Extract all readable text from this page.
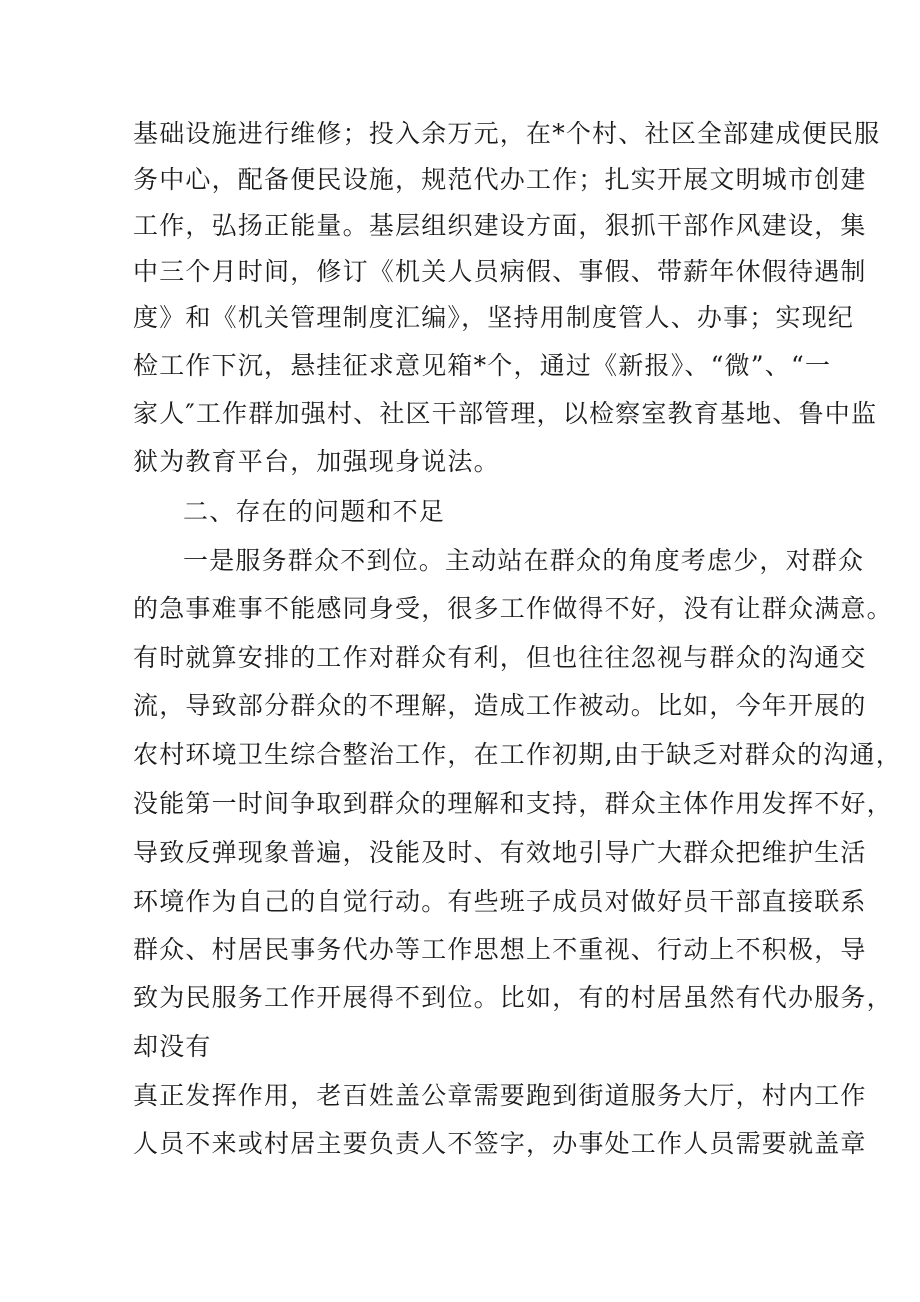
基础设施进行维修；投入余万元，在*个村、社区全部建成便民服
务中心，配备便民设施，规范代办工作；扎实开展文明城市创建
工作，弘扬正能量。基层组织建设方面，狠抓干部作风建设，集
中三个月时间，修订《机关人员病假、事假、带薪年休假待遇制
度》和《机关管理制度汇编》，坚持用制度管人、办事；实现纪
检工作下沉，悬挂征求意见箱*个，通过《新报》、“微”、“一
家人″工作群加强村、社区干部管理，以检察室教育基地、鲁中监
狱为教育平台，加强现身说法。
二、存在的问题和不足
一是服务群众不到位。主动站在群众的角度考虑少，对群众
的急事难事不能感同身受，很多工作做得不好，没有让群众满意。
有时就算安排的工作对群众有利，但也往往忽视与群众的沟通交
流，导致部分群众的不理解，造成工作被动。比如，今年开展的
农村环境卫生综合整治工作，在工作初期,由于缺乏对群众的沟通，
没能第一时间争取到群众的理解和支持，群众主体作用发挥不好，
导致反弹现象普遍，没能及时、有效地引导广大群众把维护生活
环境作为自己的自觉行动。有些班子成员对做好员干部直接联系
群众、村居民事务代办等工作思想上不重视、行动上不积极，导
致为民服务工作开展得不到位。比如，有的村居虽然有代办服务，
却没有
真正发挥作用，老百姓盖公章需要跑到街道服务大厅，村内工作
人员不来或村居主要负责人不签字，办事处工作人员需要就盖章
